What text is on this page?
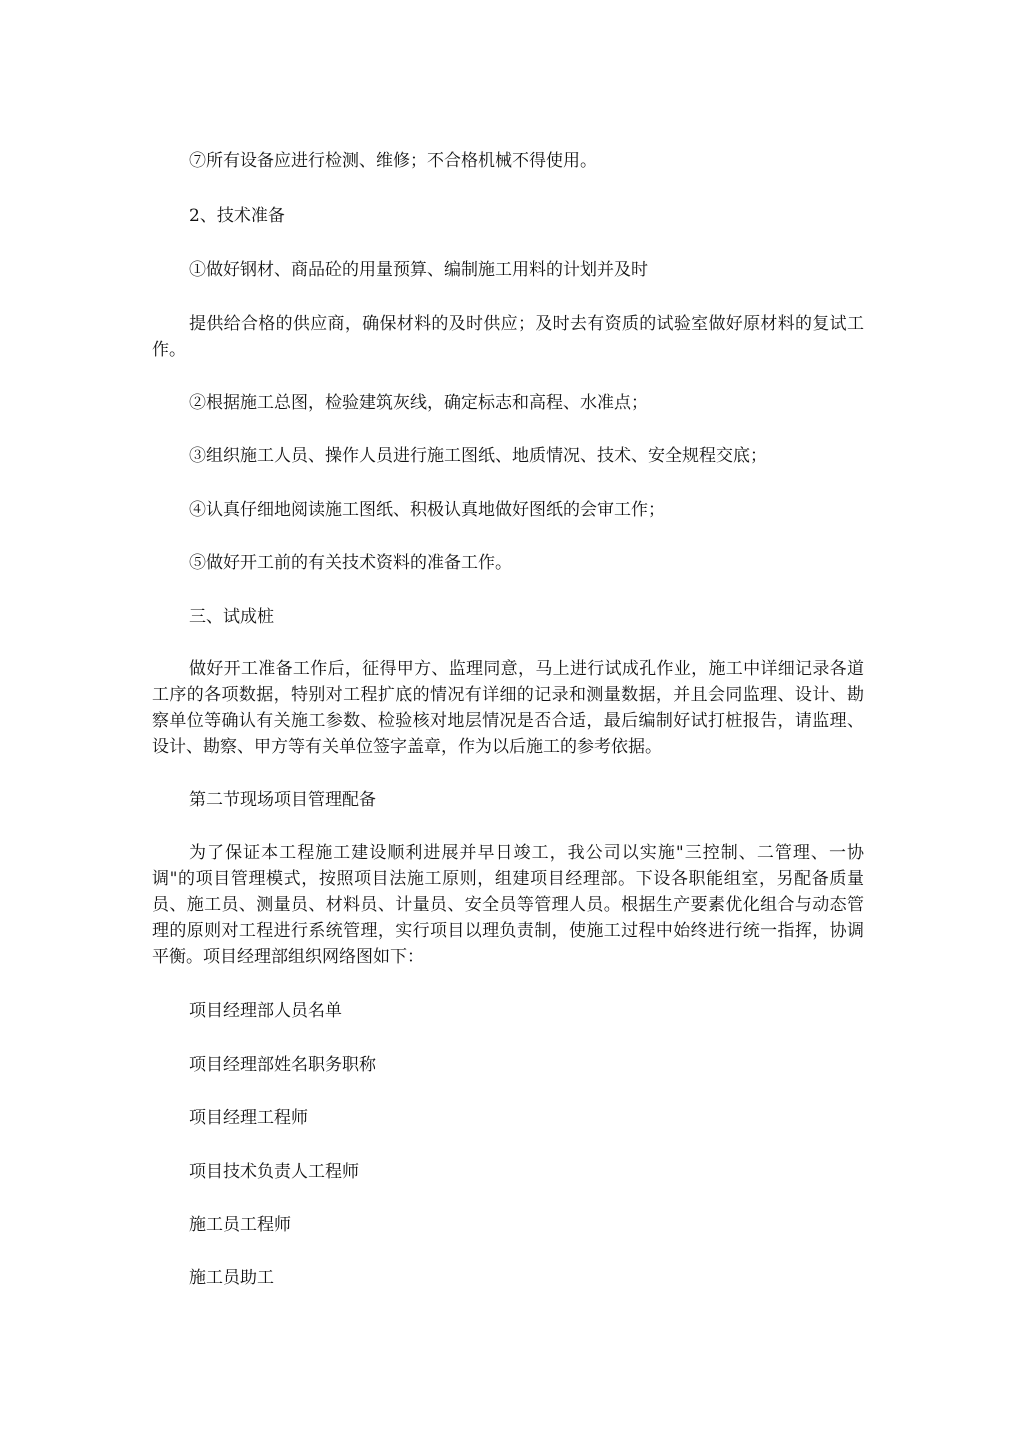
⑦所有设备应进行检测、维修；不合格机械不得使用。

2、技术准备

①做好钢材、商品砼的用量预算、编制施工用料的计划并及时

提供给合格的供应商，确保材料的及时供应；及时去有资质的试验室做好原材料的复试工作。

②根据施工总图，检验建筑灰线，确定标志和高程、水准点；

③组织施工人员、操作人员进行施工图纸、地质情况、技术、安全规程交底；

④认真仔细地阅读施工图纸、积极认真地做好图纸的会审工作；

⑤做好开工前的有关技术资料的准备工作。

三、试成桩

做好开工准备工作后，征得甲方、监理同意，马上进行试成孔作业，施工中详细记录各道工序的各项数据，特别对工程扩底的情况有详细的记录和测量数据，并且会同监理、设计、勘察单位等确认有关施工参数、检验核对地层情况是否合适，最后编制好试打桩报告，请监理、设计、勘察、甲方等有关单位签字盖章，作为以后施工的参考依据。

第二节现场项目管理配备

为了保证本工程施工建设顺利进展并早日竣工，我公司以实施"三控制、二管理、一协调"的项目管理模式，按照项目法施工原则，组建项目经理部。下设各职能组室，另配备质量员、施工员、测量员、材料员、计量员、安全员等管理人员。根据生产要素优化组合与动态管理的原则对工程进行系统管理，实行项目以理负责制，使施工过程中始终进行统一指挥，协调平衡。项目经理部组织网络图如下：

项目经理部人员名单

项目经理部姓名职务职称

项目经理工程师

项目技术负责人工程师

施工员工程师

施工员助工
